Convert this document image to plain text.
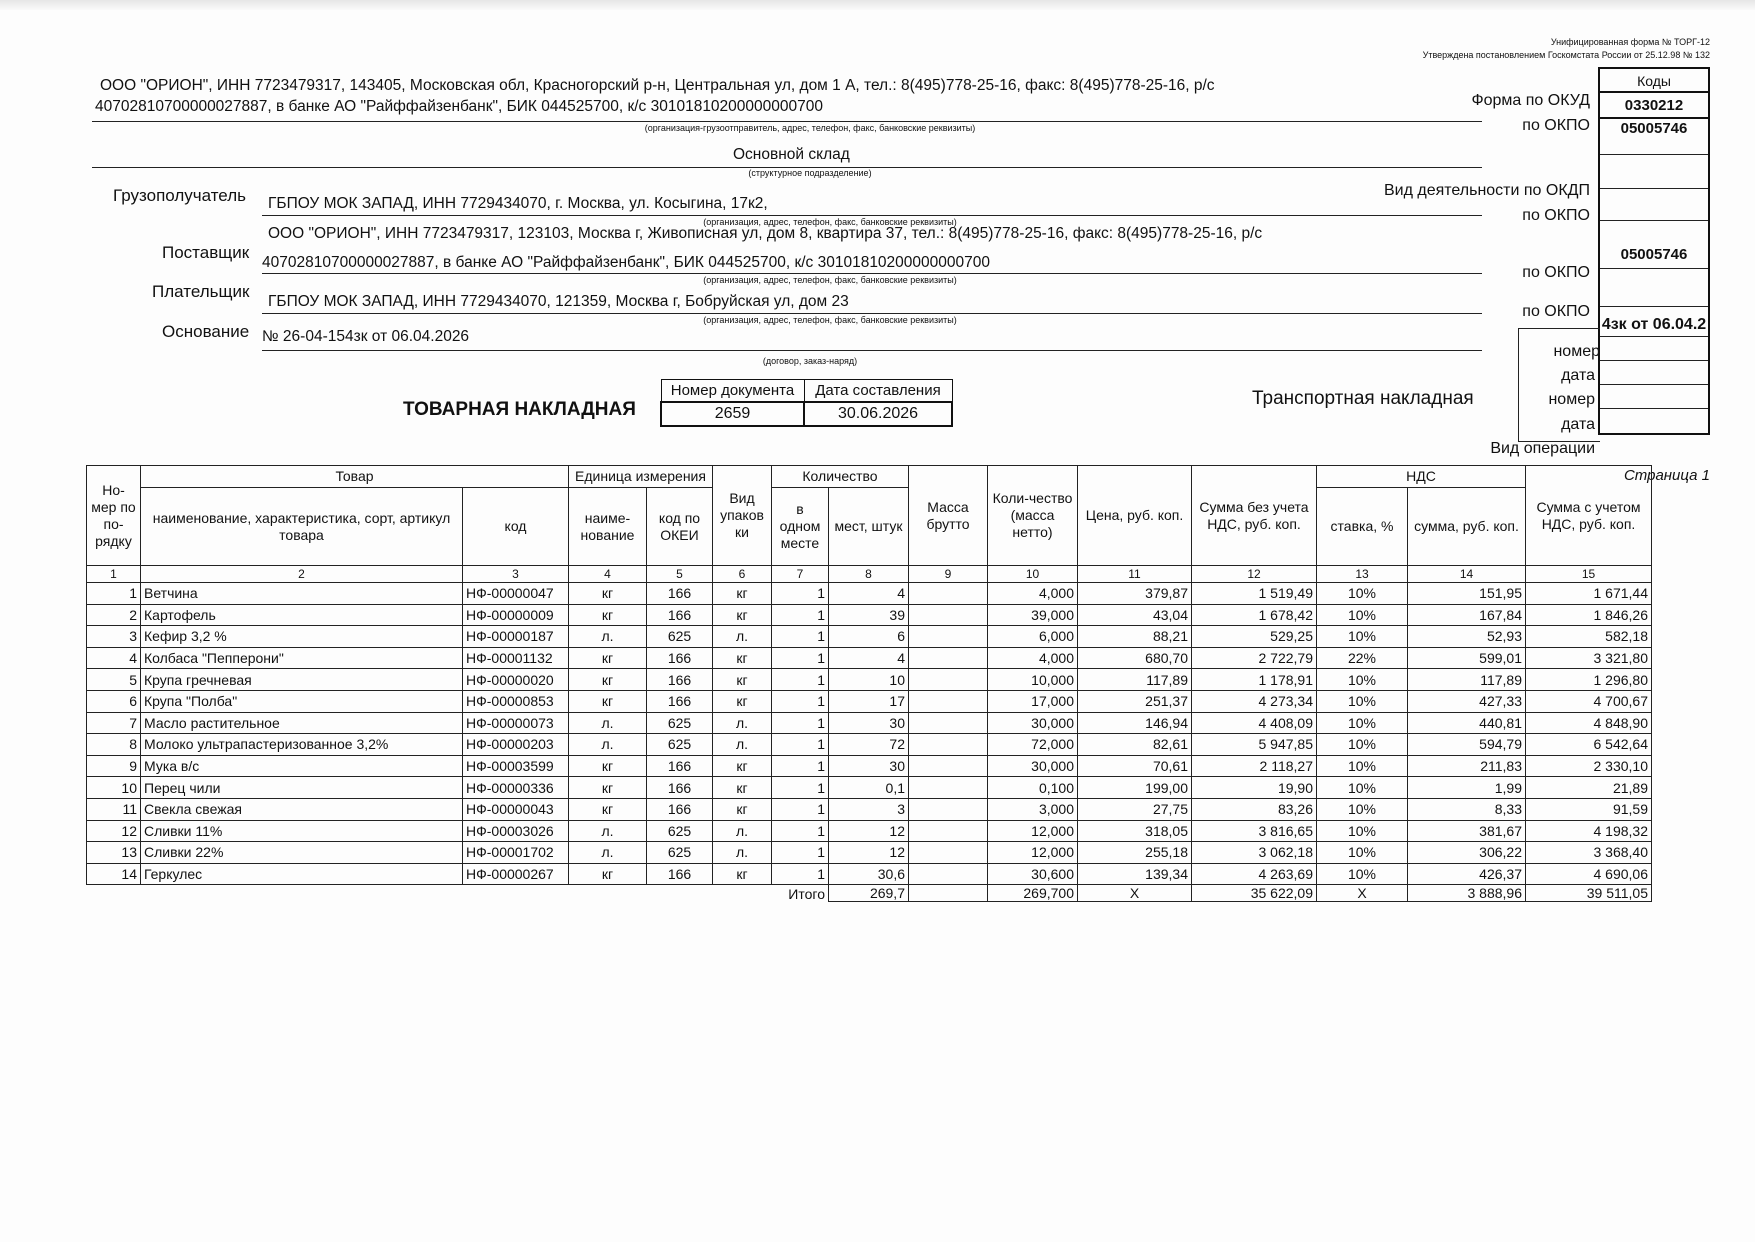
Унифицированная форма № ТОРГ-12
Утверждена постановлением Госкомстата России от 25.12.98 № 132
Коды
0330212
05005746
05005746
4зк от 06.04.2
Форма по ОКУД
по ОКПО
Вид деятельности по ОКДП
по ОКПО
по ОКПО
по ОКПО
номер
дата
номер
дата
Вид операции
Транспортная накладная
ООО "ОРИОН", ИНН 7723479317, 143405, Московская обл, Красногорский р-н, Центральная ул, дом 1 А, тел.: 8(495)778-25-16, факс: 8(495)778-25-16, р/с
40702810700000027887, в банке АО "Райффайзенбанк", БИК 044525700, к/с 30101810200000000700
(организация-грузоотправитель, адрес, телефон, факс, банковские реквизиты)
Основной склад
(структурное подразделение)
Грузополучатель ГБПОУ МОК ЗАПАД, ИНН 7729434070, г. Москва, ул. Косыгина, 17к2,
(организация, адрес, телефон, факс, банковские реквизиты)
ООО "ОРИОН", ИНН 7723479317, 123103, Москва г, Живописная ул, дом 8, квартира 37, тел.: 8(495)778-25-16, факс: 8(495)778-25-16, р/с
Поставщик
40702810700000027887, в банке АО "Райффайзенбанк", БИК 044525700, к/с 30101810200000000700
(организация, адрес, телефон, факс, банковские реквизиты)
Плательщик
ГБПОУ МОК ЗАПАД, ИНН 7729434070, 121359, Москва г, Бобруйская ул, дом 23
(организация, адрес, телефон, факс, банковские реквизиты)
Основание № 26-04-154зк от 06.04.2026
(договор, заказ-наряд)
ТОВАРНАЯ НАКЛАДНАЯ
Номер документа	Дата составления
2659	30.06.2026
Страница 1
Но-мер по по-рядку	Товар		Единица измерения		Вид упаков ки	Количество		Масса брутто	Коли-чество (масса нетто)	Цена, руб. коп.	Сумма без учета НДС, руб. коп.	НДС		Сумма с учетом НДС, руб. коп.
	наименование, характеристика, сорт, артикул товара	код	наиме-нование	код по ОКЕИ		в одном месте	мест, штук					ставка, %	сумма, руб. коп.	
1	2	3	4	5	6	7	8	9	10	11	12	13	14	15
1	Ветчина	НФ-00000047	кг	166	кг	1	4		4,000	379,87	1 519,49	10%	151,95	1 671,44
2	Картофель	НФ-00000009	кг	166	кг	1	39		39,000	43,04	1 678,42	10%	167,84	1 846,26
3	Кефир 3,2 %	НФ-00000187	л.	625	л.	1	6		6,000	88,21	529,25	10%	52,93	582,18
4	Колбаса "Пепперони"	НФ-00001132	кг	166	кг	1	4		4,000	680,70	2 722,79	22%	599,01	3 321,80
5	Крупа гречневая	НФ-00000020	кг	166	кг	1	10		10,000	117,89	1 178,91	10%	117,89	1 296,80
6	Крупа "Полба"	НФ-00000853	кг	166	кг	1	17		17,000	251,37	4 273,34	10%	427,33	4 700,67
7	Масло растительное	НФ-00000073	л.	625	л.	1	30		30,000	146,94	4 408,09	10%	440,81	4 848,90
8	Молоко ультрапастеризованное 3,2%	НФ-00000203	л.	625	л.	1	72		72,000	82,61	5 947,85	10%	594,79	6 542,64
9	Мука в/с	НФ-00003599	кг	166	кг	1	30		30,000	70,61	2 118,27	10%	211,83	2 330,10
10	Перец чили	НФ-00000336	кг	166	кг	1	0,1		0,100	199,00	19,90	10%	1,99	21,89
11	Свекла свежая	НФ-00000043	кг	166	кг	1	3		3,000	27,75	83,26	10%	8,33	91,59
12	Сливки 11%	НФ-00003026	л.	625	л.	1	12		12,000	318,05	3 816,65	10%	381,67	4 198,32
13	Сливки 22%	НФ-00001702	л.	625	л.	1	12		12,000	255,18	3 062,18	10%	306,22	3 368,40
14	Геркулес	НФ-00000267	кг	166	кг	1	30,6		30,600	139,34	4 263,69	10%	426,37	4 690,06
Итого							269,7		269,700	Х	35 622,09	Х	3 888,96	39 511,05
